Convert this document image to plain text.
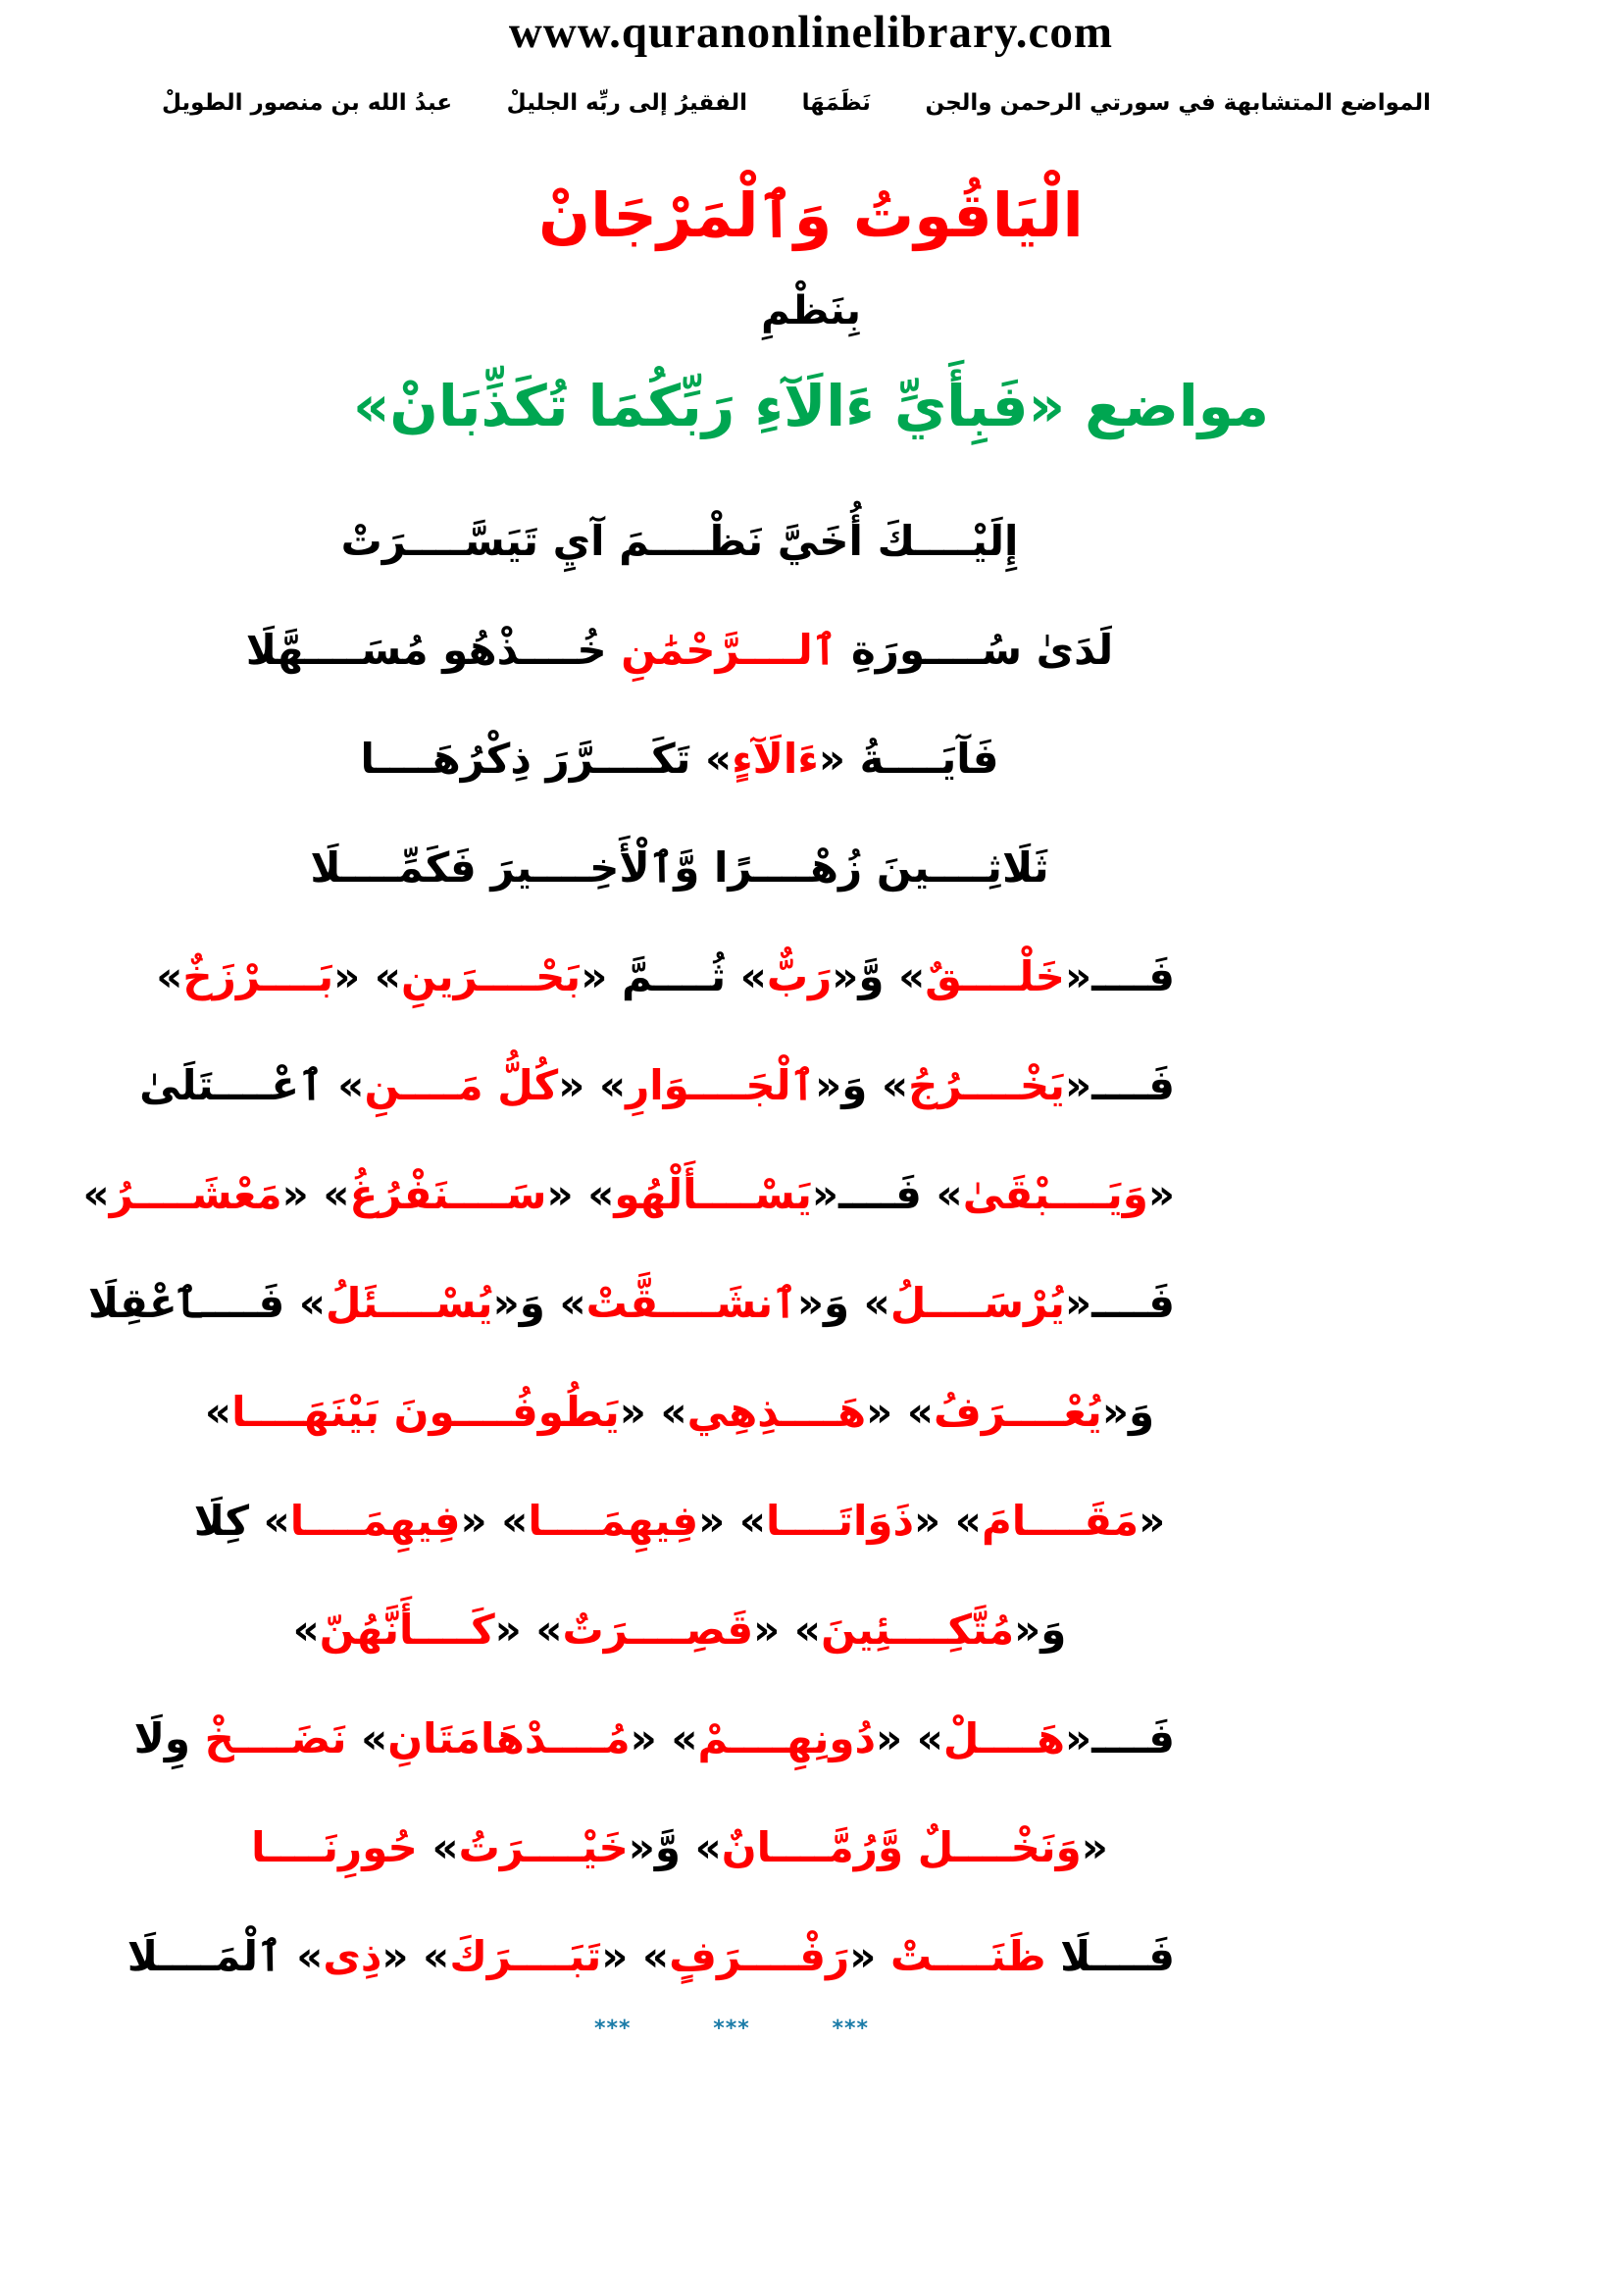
www.quranonlinelibrary.com
المواضع المتشابهة في سورتي الرحمن والجن
نَظَمَهَا
الفقيرُ إلى ربِّه الجليلْ
عبدُ الله بن منصور الطويلْ
الْيَاقُوتُ وَٱلْمَرْجَانْ
بِنَظْمِ
مواضع «فَبِأَيِّ ءَالَآءِ رَبِّكُمَا تُكَذِّبَانْ»
إِلَيْــــكَ أُخَيَّ نَظْــــمَ آيِ تَيَسَّــــرَتْ
لَدَىٰ سُــــورَةِ ٱلــــرَّحْمَٰنِ خُــــذْهُو مُسَــــهَّلَا
فَآيَــــةُ «ءَالَآءٍ» تَكَــــرَّرَ ذِكْرُهَــــا
ثَلَاثِــــينَ زُهْــــرًا وَّٱلْأَخِــــيرَ فَكَمِّــــلَا
فَــــ«خَلْــــقٌ» وَّ«رَبٌّ» ثُــــمَّ «بَحْــــرَينِ» «بَــــرْزَخٌ»
فَــــ«يَخْــــرُجُ» وَ«ٱلْجَــــوَارِ» «كُلُّ مَــــنِ» ٱعْــــتَلَىٰ
«وَيَــــبْقَىٰ» فَــــ«يَسْــــأَلْهُو» «سَــــنَفْرُغُ» «مَعْشَــــرُ»
فَــــ«يُرْسَــــلُ» وَ«ٱنشَــــقَّتْ» وَ«يُسْــــئَلُ» فَــــٱعْقِلَا
وَ«يُعْــــرَفُ» «هَــــذِهِي» «يَطُوفُــــونَ بَيْنَهَــــا»
«مَقَــــامَ» «ذَوَاتَــــا» «فِيهِمَــــا» «فِيهِمَــــا» كِلَا
وَ«مُتَّكِــــئِينَ» «قَصِــــرَتٌ» «كَــــأَنَّهُنّ»
فَــــ«هَــــلْ» «دُونِهِــــمْ» «مُــــدْهَامَتَانِ» نَضَــــخْ وِلَا
«وَنَخْــــلٌ وَّرُمَّــــانٌ» وَّ«خَيْــــرَتُ» حُورِنَــــا
فَــــلَا ظَنَــــتْ «رَفْــــرَفٍ» «تَبَــــرَكَ» «ذِى» ٱلْمَــــلَا
***	***	***
